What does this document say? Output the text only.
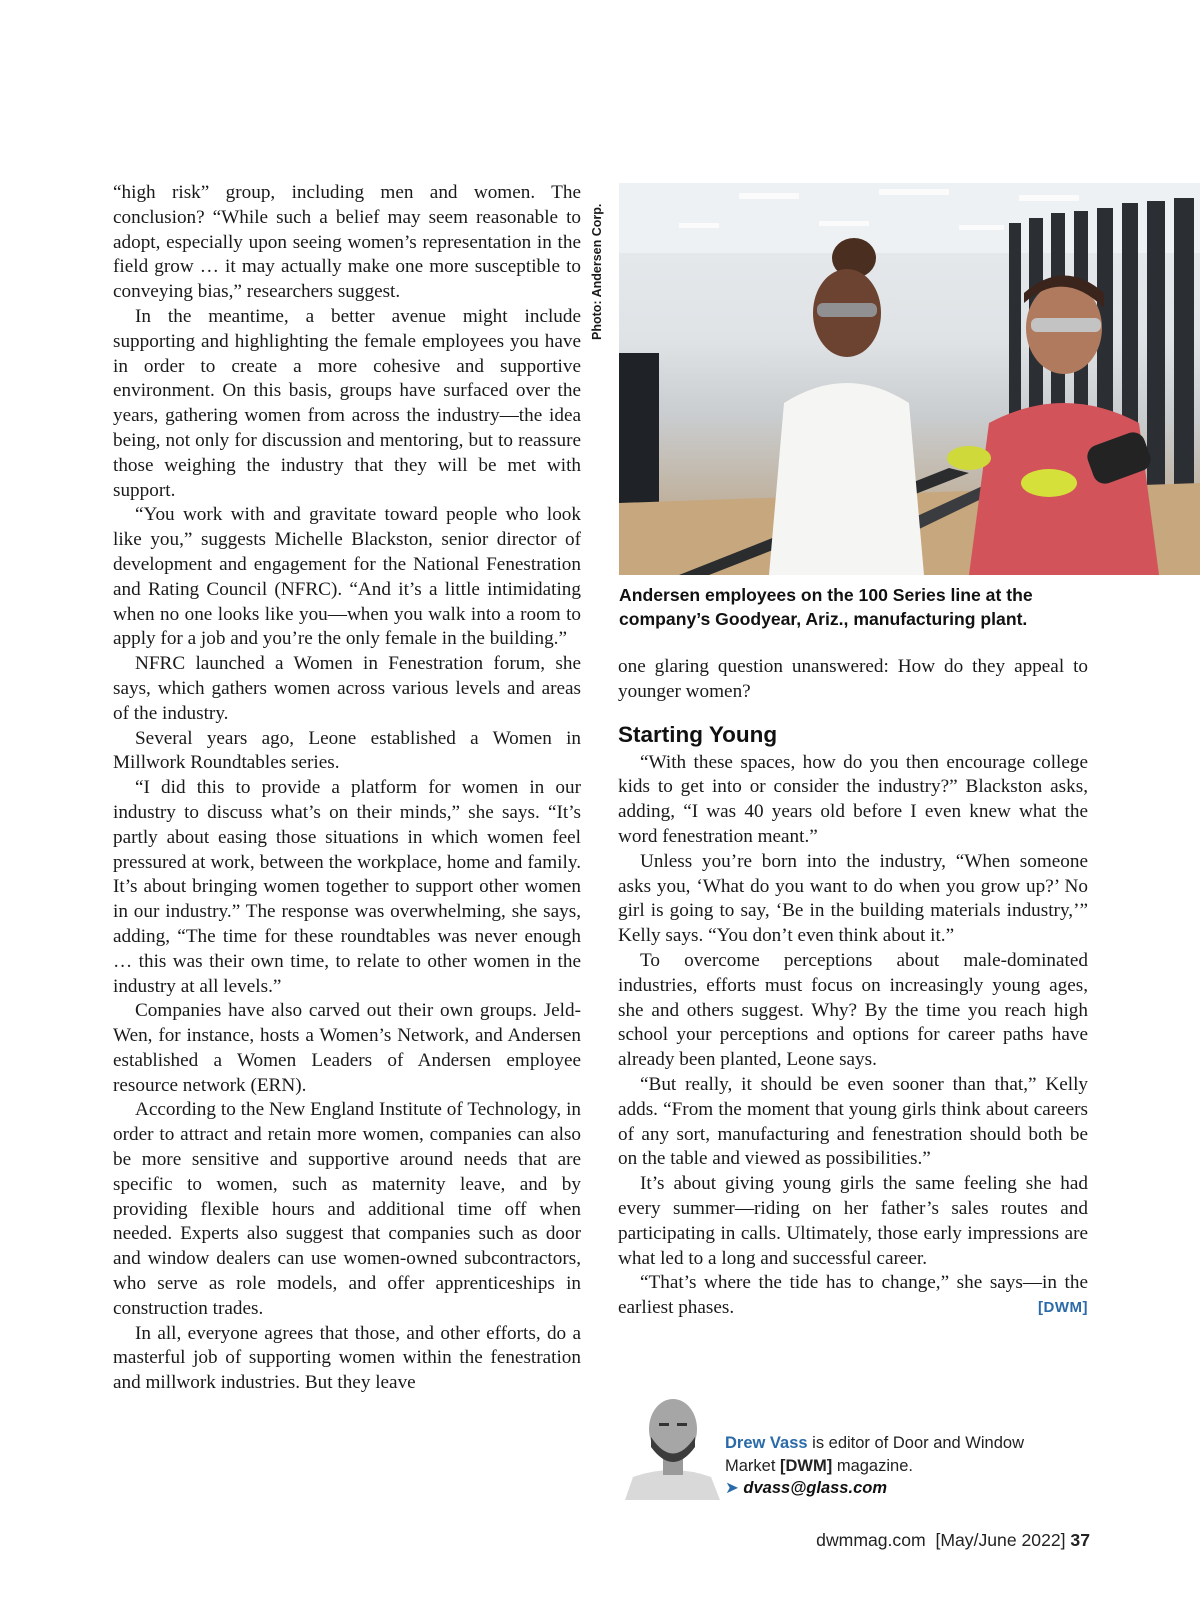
“high risk” group, including men and women. The conclusion? “While such a belief may seem reasonable to adopt, especially upon seeing women’s representation in the field grow … it may actually make one more susceptible to conveying bias,” researchers suggest.

In the meantime, a better avenue might include supporting and highlighting the female employees you have in order to create a more cohesive and supportive environment. On this basis, groups have surfaced over the years, gathering women from across the industry—the idea being, not only for discussion and mentoring, but to reassure those weighing the industry that they will be met with support.

“You work with and gravitate toward people who look like you,” suggests Michelle Blackston, senior director of development and engagement for the National Fenestration and Rating Council (NFRC). “And it’s a little intimidating when no one looks like you—when you walk into a room to apply for a job and you’re the only female in the building.”

NFRC launched a Women in Fenestration forum, she says, which gathers women across various levels and areas of the industry.

Several years ago, Leone established a Women in Millwork Roundtables series.

“I did this to provide a platform for women in our industry to discuss what’s on their minds,” she says. “It’s partly about easing those situations in which women feel pressured at work, between the workplace, home and family. It’s about bringing women together to support other women in our industry.” The response was overwhelming, she says, adding, “The time for these roundtables was never enough … this was their own time, to relate to other women in the industry at all levels.”

Companies have also carved out their own groups. Jeld-Wen, for instance, hosts a Women’s Network, and Andersen established a Women Leaders of Andersen employee resource network (ERN).

According to the New England Institute of Technology, in order to attract and retain more women, companies can also be more sensitive and supportive around needs that are specific to women, such as maternity leave, and by providing flexible hours and additional time off when needed. Experts also suggest that companies such as door and window dealers can use women-owned subcontractors, who serve as role models, and offer apprenticeships in construction trades.

In all, everyone agrees that those, and other efforts, do a masterful job of supporting women within the fenestration and millwork industries. But they leave

Photo: Andersen Corp.
Andersen employees on the 100 Series line at the company’s Goodyear, Ariz., manufacturing plant.

one glaring question unanswered: How do they appeal to younger women?

Starting Young

“With these spaces, how do you then encourage college kids to get into or consider the industry?” Blackston asks, adding, “I was 40 years old before I even knew what the word fenestration meant.”

Unless you’re born into the industry, “When someone asks you, ‘What do you want to do when you grow up?’ No girl is going to say, ‘Be in the building materials industry,’” Kelly says. “You don’t even think about it.”

To overcome perceptions about male-dominated industries, efforts must focus on increasingly young ages, she and others suggest. Why? By the time you reach high school your perceptions and options for career paths have already been planted, Leone says.

“But really, it should be even sooner than that,” Kelly adds. “From the moment that young girls think about careers of any sort, manufacturing and fenestration should both be on the table and viewed as possibilities.”

It’s about giving young girls the same feeling she had every summer—riding on her father’s sales routes and participating in calls. Ultimately, those early impressions are what led to a long and successful career.

“That’s where the tide has to change,” she says—in the earliest phases.	[DWM]

Drew Vass is editor of Door and Window Market [DWM] magazine.
➤ dvass@glass.com
dwmmag.com  [May/June 2022] 37
